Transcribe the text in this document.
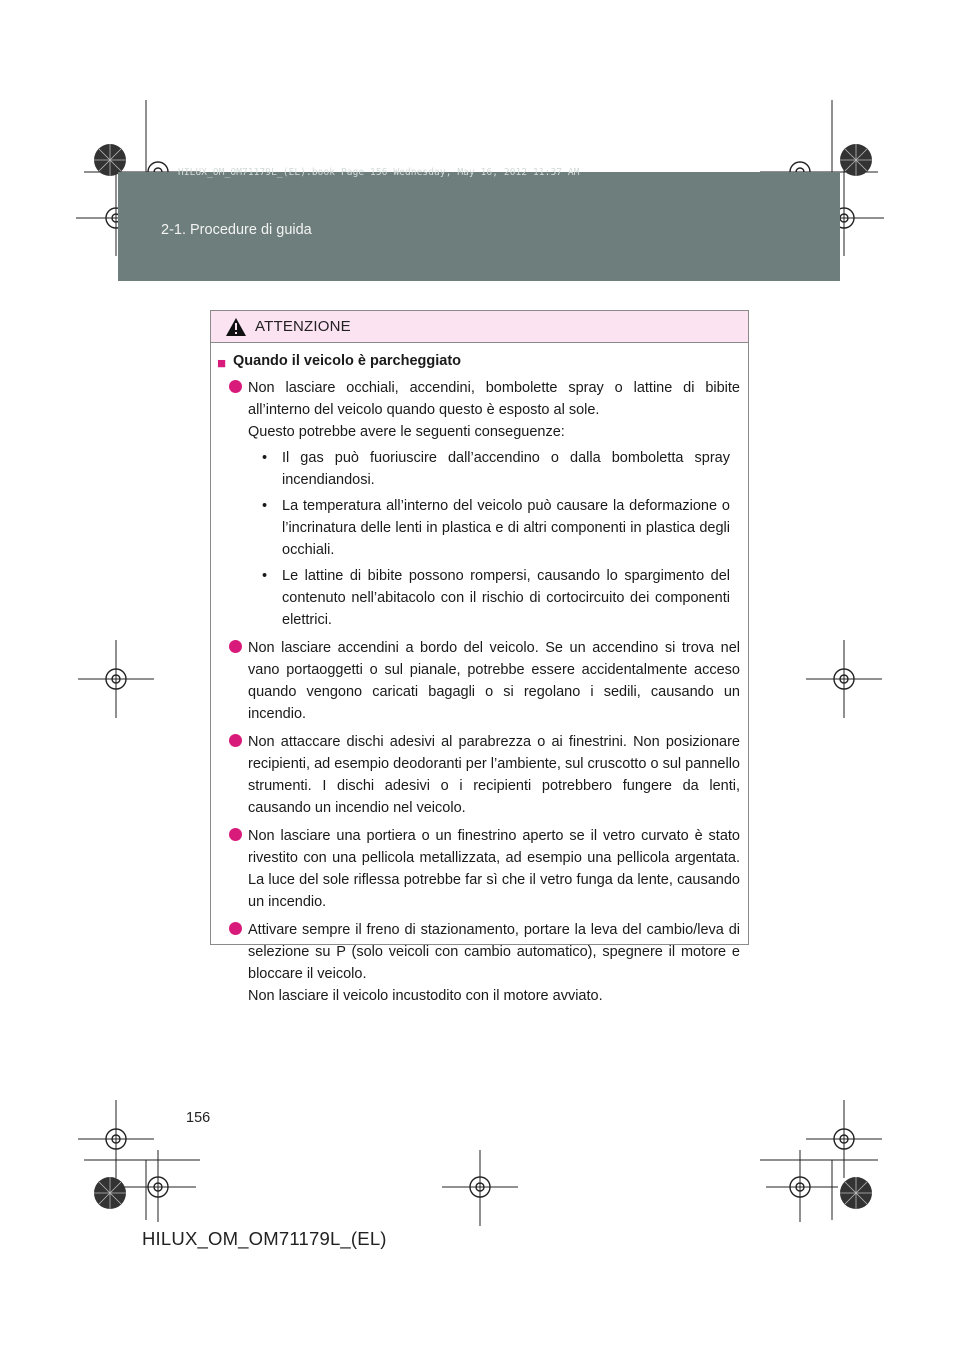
HILUX_OM_OM71179L_(EL).book Page 156 Wednesday, May 16, 2012 11:37 AM
2-1. Procedure di guida
ATTENZIONE
■ Quando il veicolo è parcheggiato
Non lasciare occhiali, accendini, bombolette spray o lattine di bibite all’interno del veicolo quando questo è esposto al sole.
Questo potrebbe avere le seguenti conseguenze:
• Il gas può fuoriuscire dall’accendino o dalla bomboletta spray incendiandosi.
• La temperatura all’interno del veicolo può causare la deformazione o l’incrinatura delle lenti in plastica e di altri componenti in plastica degli occhiali.
• Le lattine di bibite possono rompersi, causando lo spargimento del contenuto nell’abitacolo con il rischio di cortocircuito dei componenti elettrici.
Non lasciare accendini a bordo del veicolo. Se un accendino si trova nel vano portaoggetti o sul pianale, potrebbe essere accidentalmente acceso quando vengono caricati bagagli o si regolano i sedili, causando un incendio.
Non attaccare dischi adesivi al parabrezza o ai finestrini. Non posizionare recipienti, ad esempio deodoranti per l’ambiente, sul cruscotto o sul pannello strumenti. I dischi adesivi o i recipienti potrebbero fungere da lenti, causando un incendio nel veicolo.
Non lasciare una portiera o un finestrino aperto se il vetro curvato è stato rivestito con una pellicola metallizzata, ad esempio una pellicola argentata. La luce del sole riflessa potrebbe far sì che il vetro funga da lente, causando un incendio.
Attivare sempre il freno di stazionamento, portare la leva del cambio/leva di selezione su P (solo veicoli con cambio automatico), spegnere il motore e bloccare il veicolo.
Non lasciare il veicolo incustodito con il motore avviato.
156
HILUX_OM_OM71179L_(EL)
